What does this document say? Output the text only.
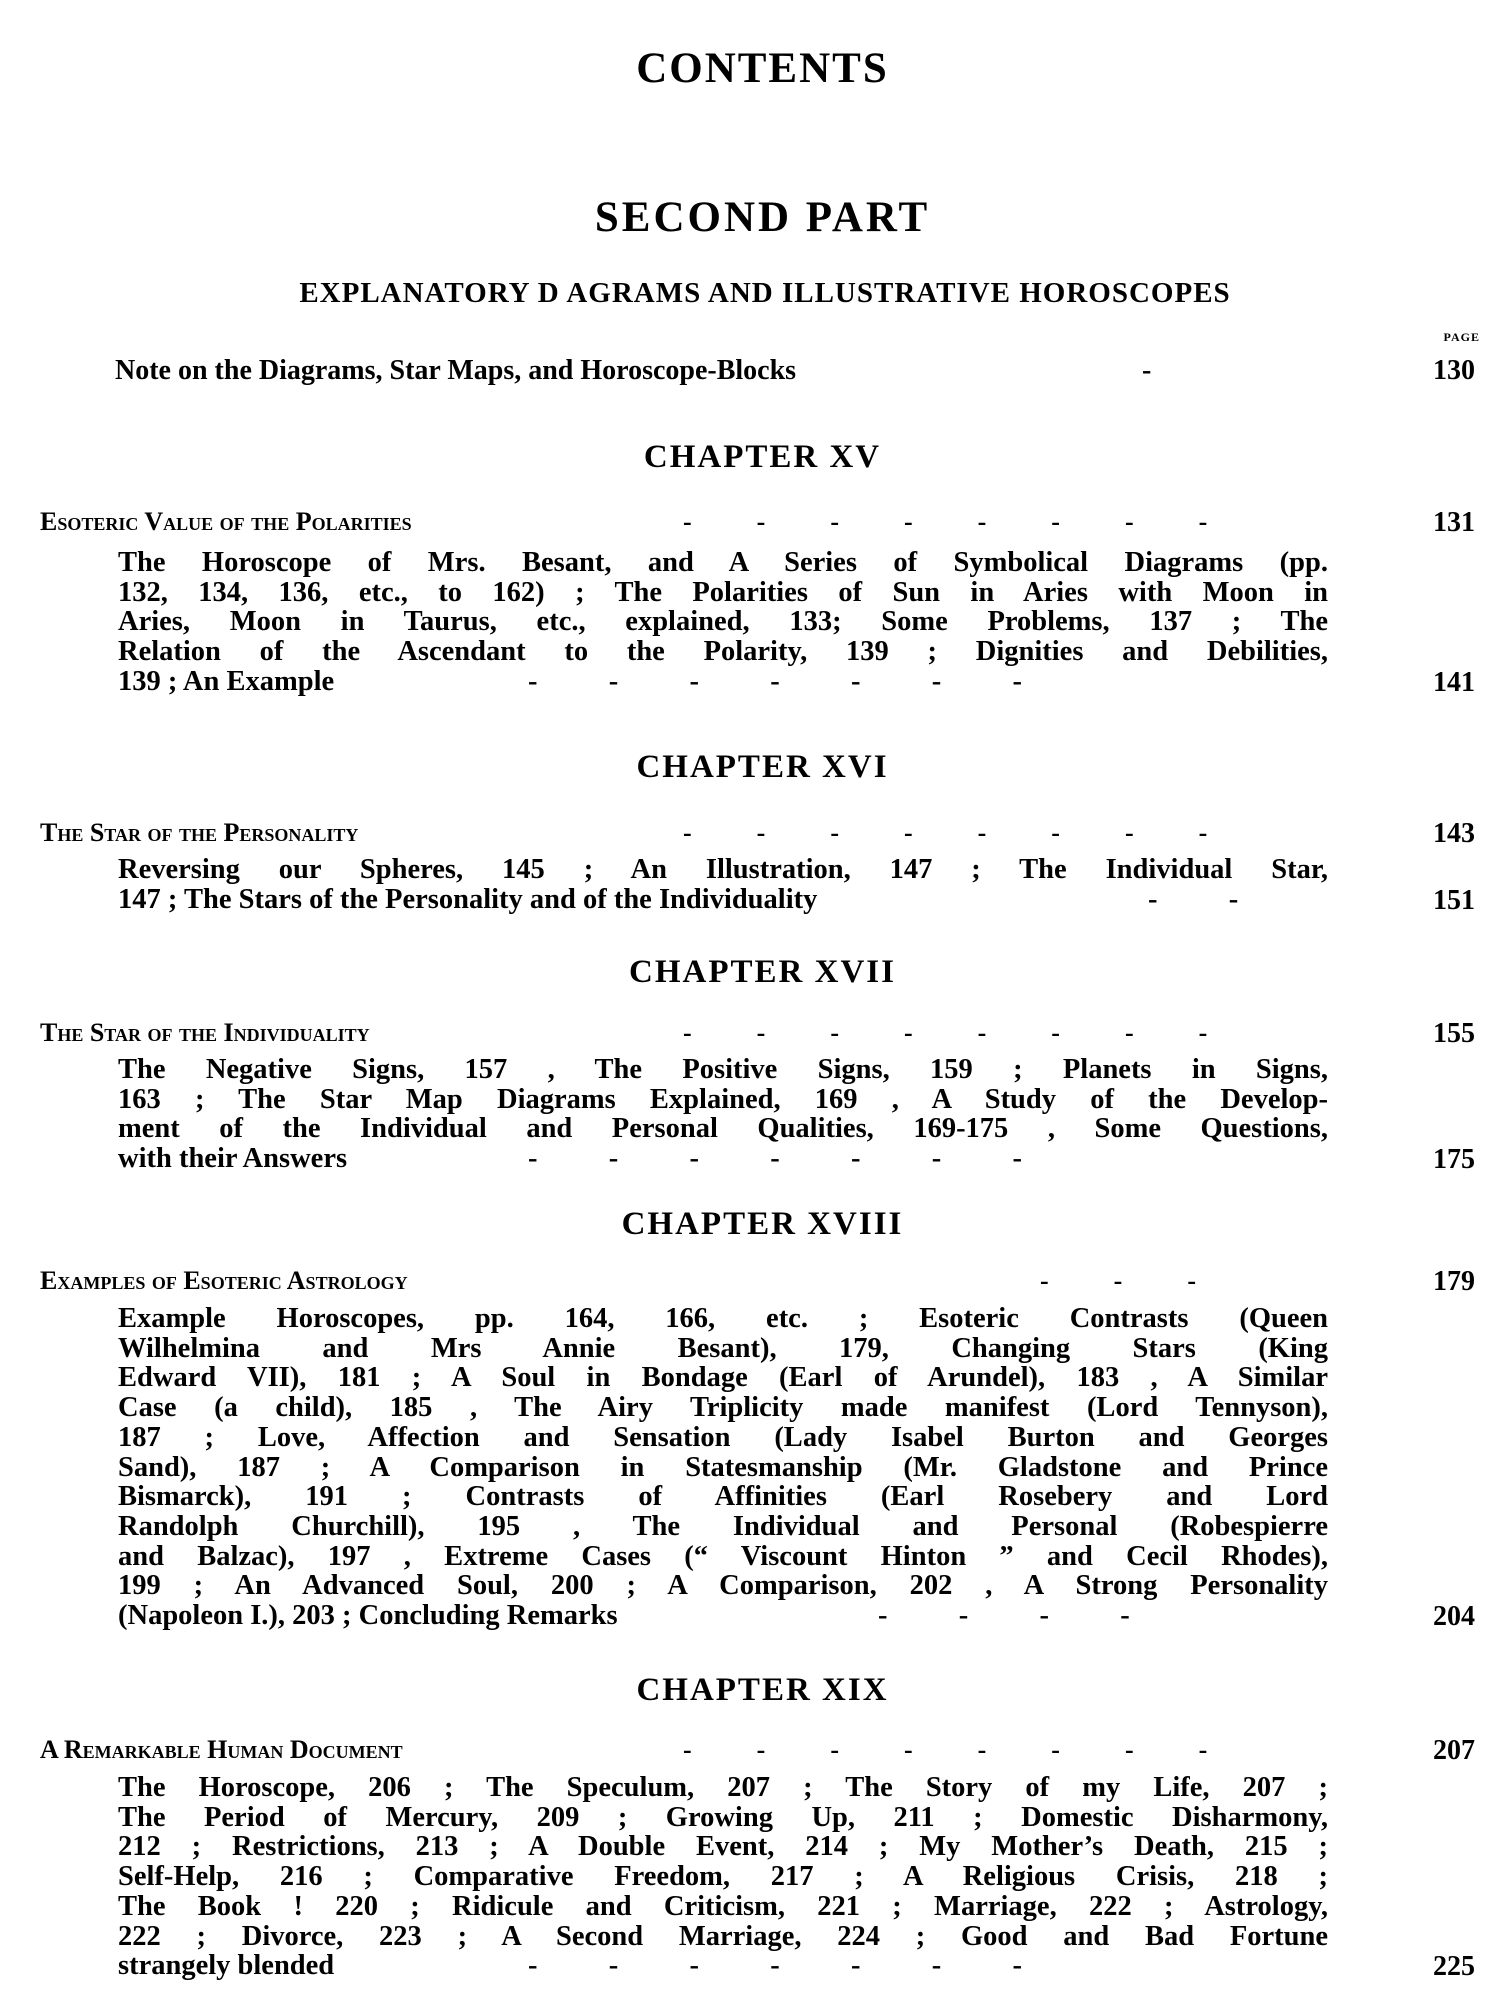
CONTENTS
SECOND PART
EXPLANATORY D AGRAMS AND ILLUSTRATIVE HOROSCOPES
PAGE
Note on the Diagrams, Star Maps, and Horoscope-Blocks	-	130
CHAPTER XV
Esoteric Value of the Polarities	-          -          -          -          -          -          -          -	131
The Horoscope of Mrs. Besant, and A Series of Symbolical Diagrams (pp.
132, 134, 136, etc., to 162) ; The Polarities of Sun in Aries with Moon in
Aries, Moon in Taurus, etc., explained, 133; Some Problems, 137 ; The
Relation of the Ascendant to the Polarity, 139 ; Dignities and Debilities,
139 ; An Example	-          -          -          -          -          -          -	141
CHAPTER XVI
The Star of the Personality	-          -          -          -          -          -          -          -	143
Reversing our Spheres, 145 ; An Illustration, 147 ; The Individual Star,
147 ; The Stars of the Personality and of the Individuality	-          -	151
CHAPTER XVII
The Star of the Individuality	-          -          -          -          -          -          -          -	155
The Negative Signs, 157 , The Positive Signs, 159 ; Planets in Signs,
163 ; The Star Map Diagrams Explained, 169 , A Study of the Develop-
ment of the Individual and Personal Qualities, 169-175 , Some Questions,
with their Answers	-          -          -          -          -          -          -	175
CHAPTER XVIII
Examples of Esoteric Astrology	-          -          -	179
Example Horoscopes, pp. 164, 166, etc. ; Esoteric Contrasts (Queen
Wilhelmina and Mrs Annie Besant), 179, Changing Stars (King
Edward VII), 181 ; A Soul in Bondage (Earl of Arundel), 183 , A Similar
Case (a child), 185 , The Airy Triplicity made manifest (Lord Tennyson),
187 ; Love, Affection and Sensation (Lady Isabel Burton and Georges
Sand), 187 ; A Comparison in Statesmanship (Mr. Gladstone and Prince
Bismarck), 191 ; Contrasts of Affinities (Earl Rosebery and Lord
Randolph Churchill), 195 , The Individual and Personal (Robespierre
and Balzac), 197 , Extreme Cases (“ Viscount Hinton ” and Cecil Rhodes),
199 ; An Advanced Soul, 200 ; A Comparison, 202 , A Strong Personality
(Napoleon I.), 203 ; Concluding Remarks	-          -          -          -	204
CHAPTER XIX
A Remarkable Human Document	-          -          -          -          -          -          -          -	207
The Horoscope, 206 ; The Speculum, 207 ; The Story of my Life, 207 ;
The Period of Mercury, 209 ; Growing Up, 211 ; Domestic Disharmony,
212 ; Restrictions, 213 ; A Double Event, 214 ; My Mother’s Death, 215 ;
Self-Help, 216 ; Comparative Freedom, 217 ; A Religious Crisis, 218 ;
The Book ! 220 ; Ridicule and Criticism, 221 ; Marriage, 222 ; Astrology,
222 ; Divorce, 223 ; A Second Marriage, 224 ; Good and Bad Fortune
strangely blended	-          -          -          -          -          -          -	225
